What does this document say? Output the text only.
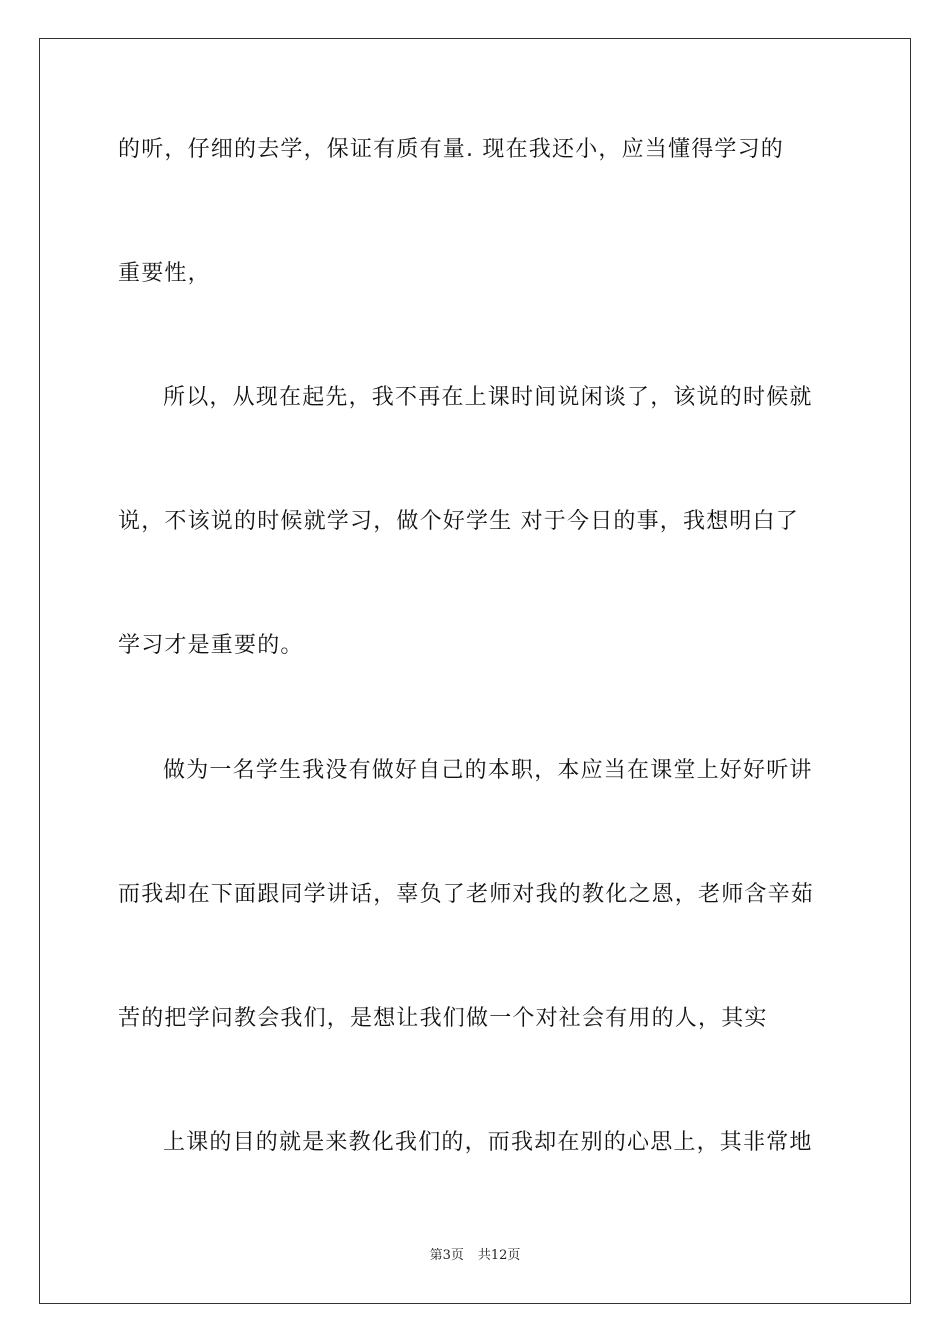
的听，仔细的去学，保证有质有量. 现在我还小，应当懂得学习的
重要性，
所以，从现在起先，我不再在上课时间说闲谈了，该说的时候就
说，不该说的时候就学习，做个好学生 对于今日的事，我想明白了
学习才是重要的。
做为一名学生我没有做好自己的本职，本应当在课堂上好好听讲
而我却在下面跟同学讲话，辜负了老师对我的教化之恩，老师含辛茹
苦的把学问教会我们，是想让我们做一个对社会有用的人，其实
上课的目的就是来教化我们的，而我却在别的心思上，其非常地
第3页 共12页
